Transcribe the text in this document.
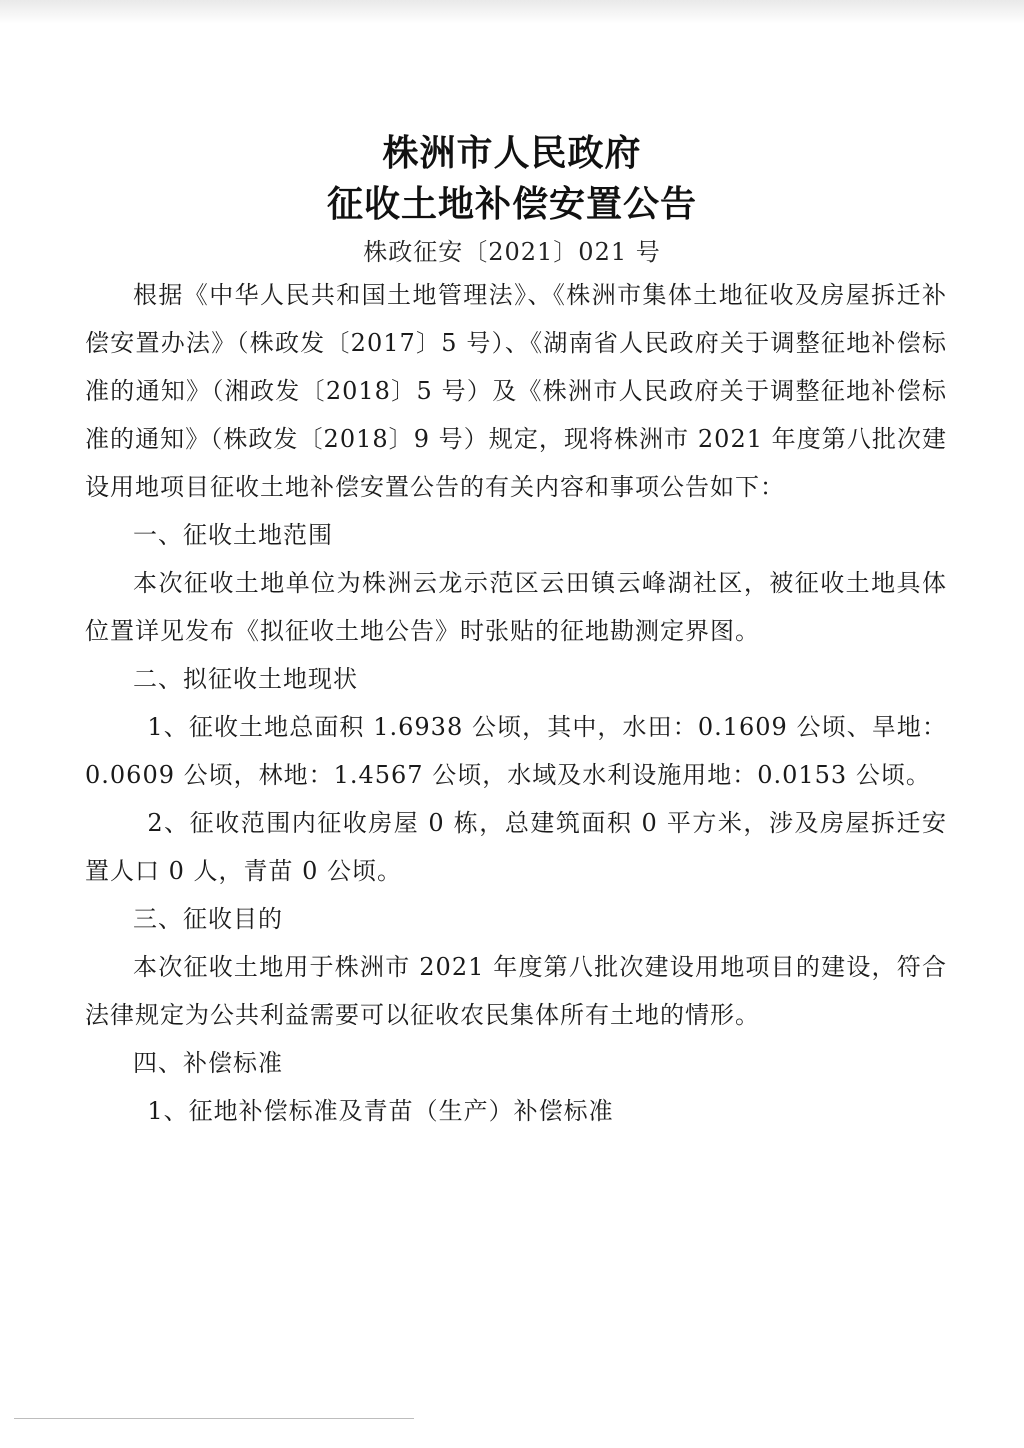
株洲市人民政府
征收土地补偿安置公告
株政征安〔2021〕021 号

根据《中华人民共和国土地管理法》、《株洲市集体土地征收及房屋拆迁补偿安置办法》（株政发〔2017〕5 号）、《湖南省人民政府关于调整征地补偿标准的通知》（湘政发〔2018〕5 号）及《株洲市人民政府关于调整征地补偿标准的通知》（株政发〔2018〕9 号）规定，现将株洲市 2021 年度第八批次建设用地项目征收土地补偿安置公告的有关内容和事项公告如下：

一、征收土地范围

本次征收土地单位为株洲云龙示范区云田镇云峰湖社区，被征收土地具体位置详见发布《拟征收土地公告》时张贴的征地勘测定界图。

二、拟征收土地现状

1、征收土地总面积 1.6938 公顷，其中，水田：0.1609 公顷、旱地：0.0609 公顷，林地：1.4567 公顷，水域及水利设施用地：0.0153 公顷。

2、征收范围内征收房屋 0 栋，总建筑面积 0 平方米，涉及房屋拆迁安置人口 0 人，青苗 0 公顷。

三、征收目的

本次征收土地用于株洲市 2021 年度第八批次建设用地项目的建设，符合法律规定为公共利益需要可以征收农民集体所有土地的情形。

四、补偿标准

1、征地补偿标准及青苗（生产）补偿标准
